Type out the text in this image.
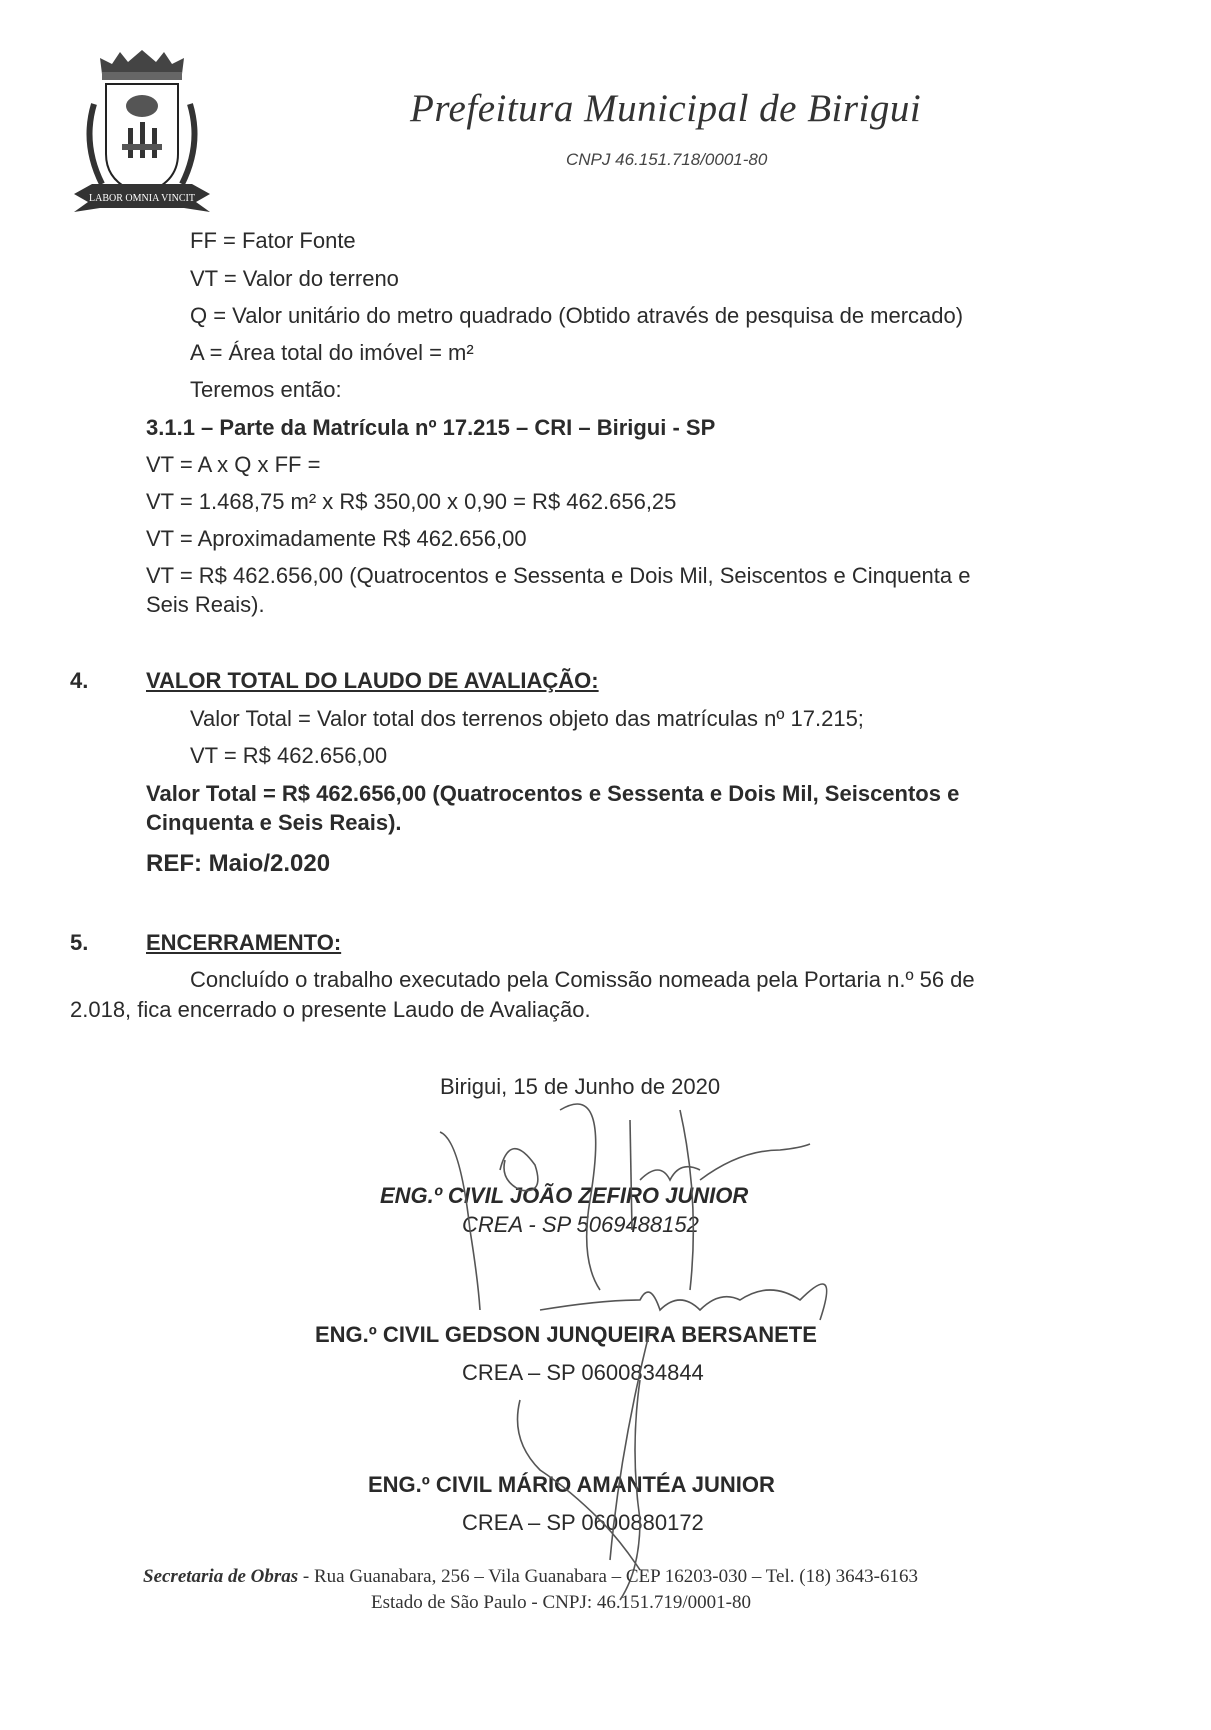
LABOR OMNIA VINCIT
Prefeitura Municipal de Birigui
CNPJ 46.151.718/0001-80
FF = Fator Fonte
VT = Valor do terreno
Q = Valor unitário do metro quadrado (Obtido através de pesquisa de mercado)
A = Área total do imóvel = m²
Teremos então:
3.1.1 – Parte da Matrícula nº 17.215 – CRI – Birigui - SP
VT = A x Q x FF =
VT = 1.468,75 m² x R$ 350,00 x 0,90 = R$ 462.656,25
VT = Aproximadamente R$ 462.656,00
VT = R$ 462.656,00 (Quatrocentos e Sessenta e Dois Mil, Seiscentos e Cinquenta e
Seis Reais).
4.	VALOR TOTAL DO LAUDO DE AVALIAÇÃO:
Valor Total = Valor total dos terrenos objeto das matrículas nº 17.215;
VT = R$ 462.656,00
Valor Total = R$ 462.656,00 (Quatrocentos e Sessenta e Dois Mil, Seiscentos e
Cinquenta e Seis Reais).
REF: Maio/2.020
5.	ENCERRAMENTO:
Concluído o trabalho executado pela Comissão nomeada pela Portaria n.º 56 de
2.018, fica encerrado o presente Laudo de Avaliação.
Birigui, 15 de Junho de 2020
ENG.º CIVIL JOÃO ZEFIRO JUNIOR
CREA - SP 5069488152
ENG.º CIVIL GEDSON JUNQUEIRA BERSANETE
CREA – SP 0600834844
ENG.º CIVIL MÁRIO AMANTÉA JUNIOR
CREA – SP 0600880172
Secretaria de Obras - Rua Guanabara, 256 – Vila Guanabara – CEP 16203-030 – Tel. (18) 3643-6163
Estado de São Paulo - CNPJ: 46.151.719/0001-80
